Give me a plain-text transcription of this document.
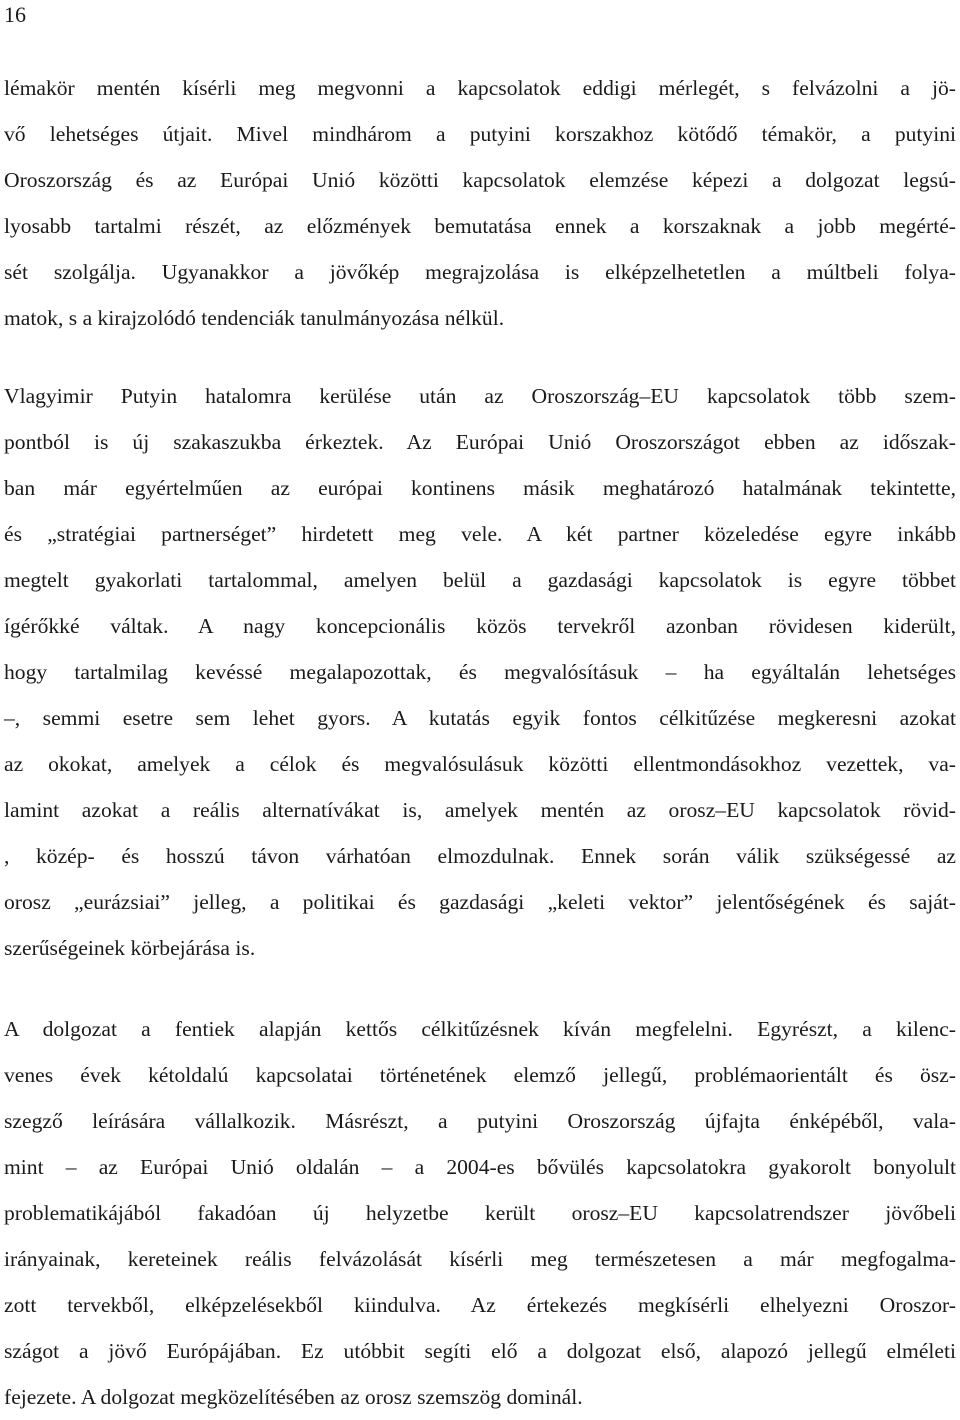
16
lémakör mentén kísérli meg megvonni a kapcsolatok eddigi mérlegét, s felvázolni a jö-
vő lehetséges útjait. Mivel mindhárom a putyini korszakhoz kötődő témakör, a putyini
Oroszország és az Európai Unió közötti kapcsolatok elemzése képezi a dolgozat legsú-
lyosabb tartalmi részét, az előzmények bemutatása ennek a korszaknak a jobb megérté-
sét szolgálja. Ugyanakkor a jövőkép megrajzolása is elképzelhetetlen a múltbeli folya-
matok, s a kirajzolódó tendenciák tanulmányozása nélkül.
Vlagyimir Putyin hatalomra kerülése után az Oroszország–EU kapcsolatok több szem-
pontból is új szakaszukba érkeztek. Az Európai Unió Oroszországot ebben az időszak-
ban már egyértelműen az európai kontinens másik meghatározó hatalmának tekintette,
és „stratégiai partnerséget” hirdetett meg vele. A két partner közeledése egyre inkább
megtelt gyakorlati tartalommal, amelyen belül a gazdasági kapcsolatok is egyre többet
ígérőkké váltak. A nagy koncepcionális közös tervekről azonban rövidesen kiderült,
hogy tartalmilag kevéssé megalapozottak, és megvalósításuk – ha egyáltalán lehetséges
–, semmi esetre sem lehet gyors. A kutatás egyik fontos célkitűzése megkeresni azokat
az okokat, amelyek a célok és megvalósulásuk közötti ellentmondásokhoz vezettek, va-
lamint azokat a reális alternatívákat is, amelyek mentén az orosz–EU kapcsolatok rövid-
, közép- és hosszú távon várhatóan elmozdulnak. Ennek során válik szükségessé az
orosz „eurázsiai” jelleg, a politikai és gazdasági „keleti vektor” jelentőségének és saját-
szerűségeinek körbejárása is.
A dolgozat a fentiek alapján kettős célkitűzésnek kíván megfelelni. Egyrészt, a kilenc-
venes évek kétoldalú kapcsolatai történetének elemző jellegű, problémaorientált és ösz-
szegző leírására vállalkozik. Másrészt, a putyini Oroszország újfajta énképéből, vala-
mint – az Európai Unió oldalán – a 2004-es bővülés kapcsolatokra gyakorolt bonyolult
problematikájából fakadóan új helyzetbe került orosz–EU kapcsolatrendszer jövőbeli
irányainak, kereteinek reális felvázolását kísérli meg természetesen a már megfogalma-
zott tervekből, elképzelésekből kiindulva. Az értekezés megkísérli elhelyezni Oroszor-
szágot a jövő Európájában. Ez utóbbit segíti elő a dolgozat első, alapozó jellegű elméleti
fejezete. A dolgozat megközelítésében az orosz szemszög dominál.
